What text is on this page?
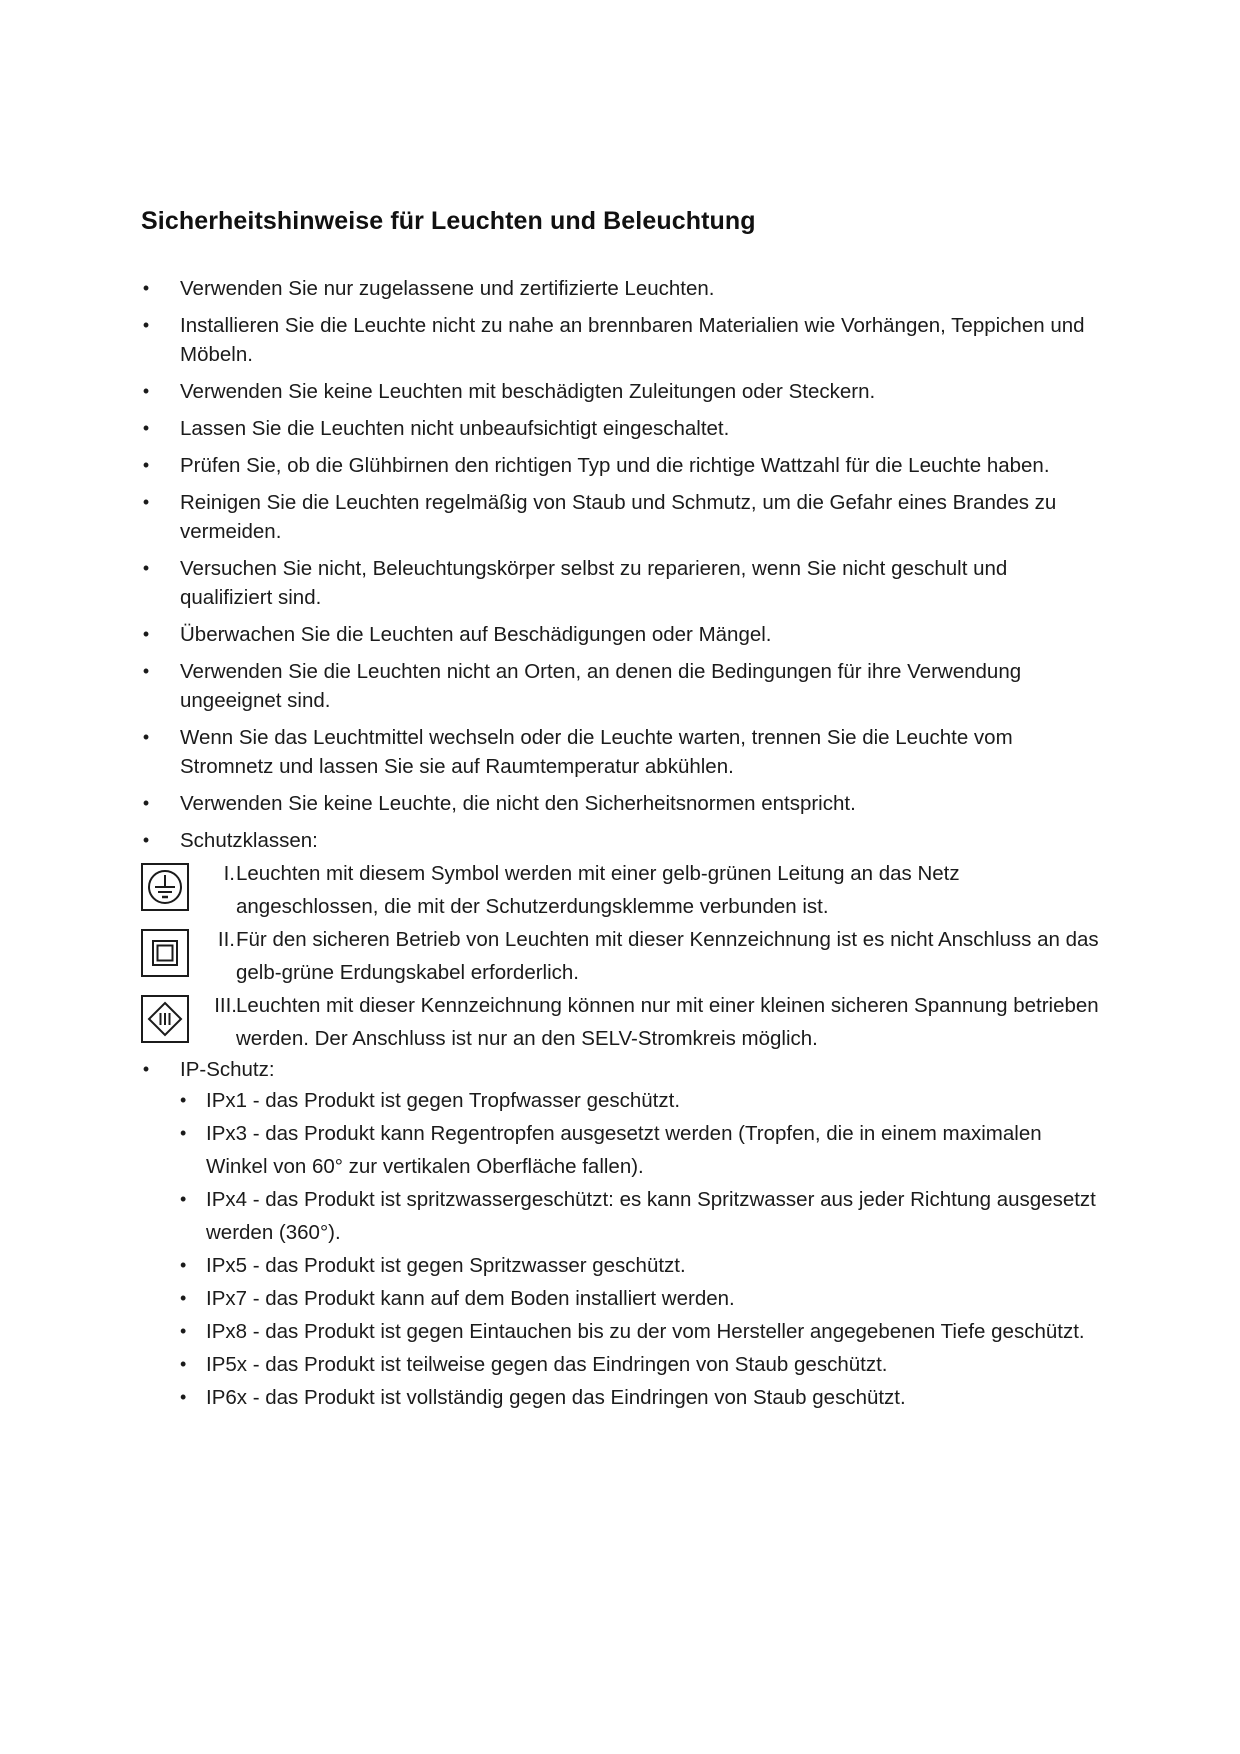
Sicherheitshinweise für Leuchten und Beleuchtung
• Verwenden Sie nur zugelassene und zertifizierte Leuchten.
• Installieren Sie die Leuchte nicht zu nahe an brennbaren Materialien wie Vorhängen, Teppichen und Möbeln.
• Verwenden Sie keine Leuchten mit beschädigten Zuleitungen oder Steckern.
• Lassen Sie die Leuchten nicht unbeaufsichtigt eingeschaltet.
• Prüfen Sie, ob die Glühbirnen den richtigen Typ und die richtige Wattzahl für die Leuchte haben.
• Reinigen Sie die Leuchten regelmäßig von Staub und Schmutz, um die Gefahr eines Brandes zu vermeiden.
• Versuchen Sie nicht, Beleuchtungskörper selbst zu reparieren, wenn Sie nicht geschult und qualifiziert sind.
• Überwachen Sie die Leuchten auf Beschädigungen oder Mängel.
• Verwenden Sie die Leuchten nicht an Orten, an denen die Bedingungen für ihre Verwendung ungeeignet sind.
• Wenn Sie das Leuchtmittel wechseln oder die Leuchte warten, trennen Sie die Leuchte vom Stromnetz und lassen Sie sie auf Raumtemperatur abkühlen.
• Verwenden Sie keine Leuchte, die nicht den Sicherheitsnormen entspricht.
• Schutzklassen:
I. Leuchten mit diesem Symbol werden mit einer gelb-grünen Leitung an das Netz angeschlossen, die mit der Schutzerdungsklemme verbunden ist.
II. Für den sicheren Betrieb von Leuchten mit dieser Kennzeichnung ist es nicht Anschluss an das gelb-grüne Erdungskabel erforderlich.
III. Leuchten mit dieser Kennzeichnung können nur mit einer kleinen sicheren Spannung betrieben werden. Der Anschluss ist nur an den SELV-Stromkreis möglich.
• IP-Schutz:
• IPx1 - das Produkt ist gegen Tropfwasser geschützt.
• IPx3 - das Produkt kann Regentropfen ausgesetzt werden (Tropfen, die in einem maximalen Winkel von 60° zur vertikalen Oberfläche fallen).
• IPx4 - das Produkt ist spritzwassergeschützt: es kann Spritzwasser aus jeder Richtung ausgesetzt werden (360°).
• IPx5 - das Produkt ist gegen Spritzwasser geschützt.
• IPx7 - das Produkt kann auf dem Boden installiert werden.
• IPx8 - das Produkt ist gegen Eintauchen bis zu der vom Hersteller angegebenen Tiefe geschützt.
• IP5x - das Produkt ist teilweise gegen das Eindringen von Staub geschützt.
• IP6x - das Produkt ist vollständig gegen das Eindringen von Staub geschützt.
